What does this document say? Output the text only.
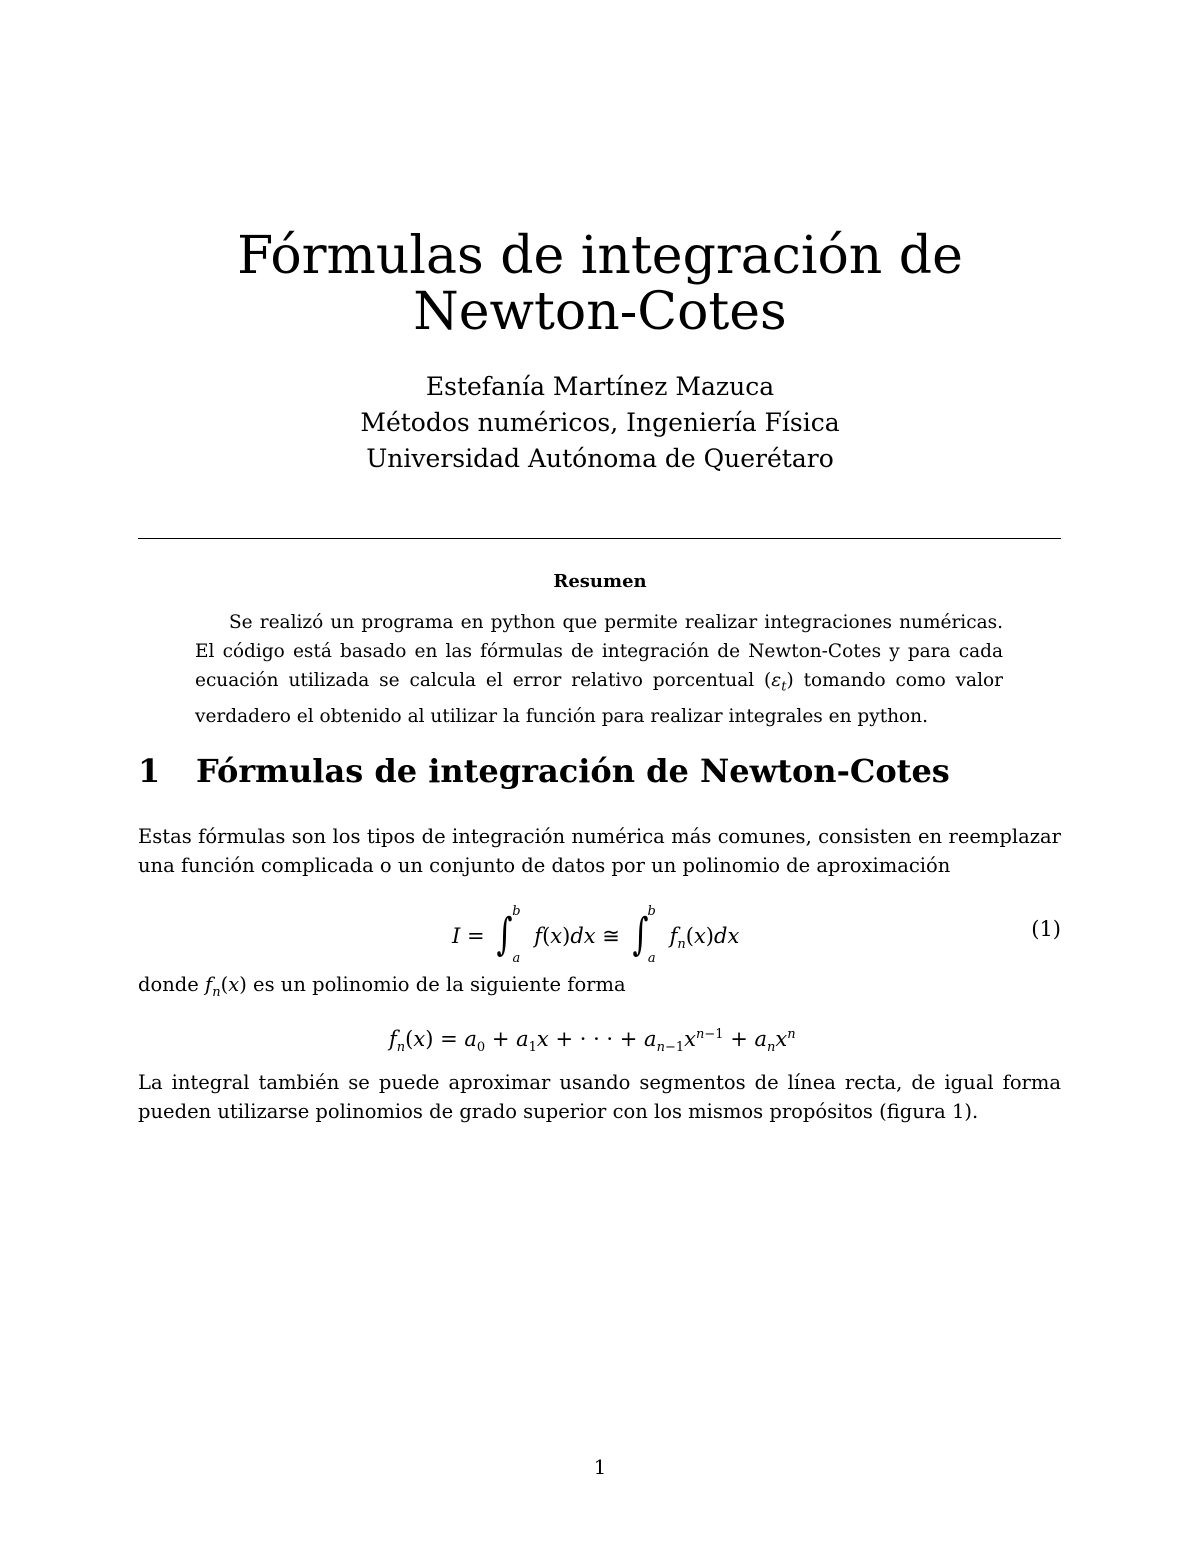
Fórmulas de integración de
Newton-Cotes
Estefanía Martínez Mazuca
Métodos numéricos, Ingeniería Física
Universidad Autónoma de Querétaro
Resumen
Se realizó un programa en python que permite realizar integraciones numéricas. El código está basado en las fórmulas de integración de Newton-Cotes y para cada ecuación utilizada se calcula el error relativo porcentual $(\varepsilon_t)$ tomando como valor verdadero el obtenido al utilizar la función para realizar integrales en python.
1 Fórmulas de integración de Newton-Cotes
Estas fórmulas son los tipos de integración numérica más comunes, consisten en reemplazar
una función complicada o un conjunto de datos por un polinomio de aproximación
I = ∫$^b_a$f(x)dx ≅ $\int^b_af_n(x)dx$	(1)
donde $f_n(x)$ es un polinomio de la siguiente forma
$f_n(x) = a_0 + a_1x$ + · · · + $a_{n-1}x^{n-1} + a_nx^n$
La integral también se puede aproximar usando segmentos de línea recta, de igual forma
pueden utilizarse polinomios de grado superior con los mismos propósitos (figura 1).
1
